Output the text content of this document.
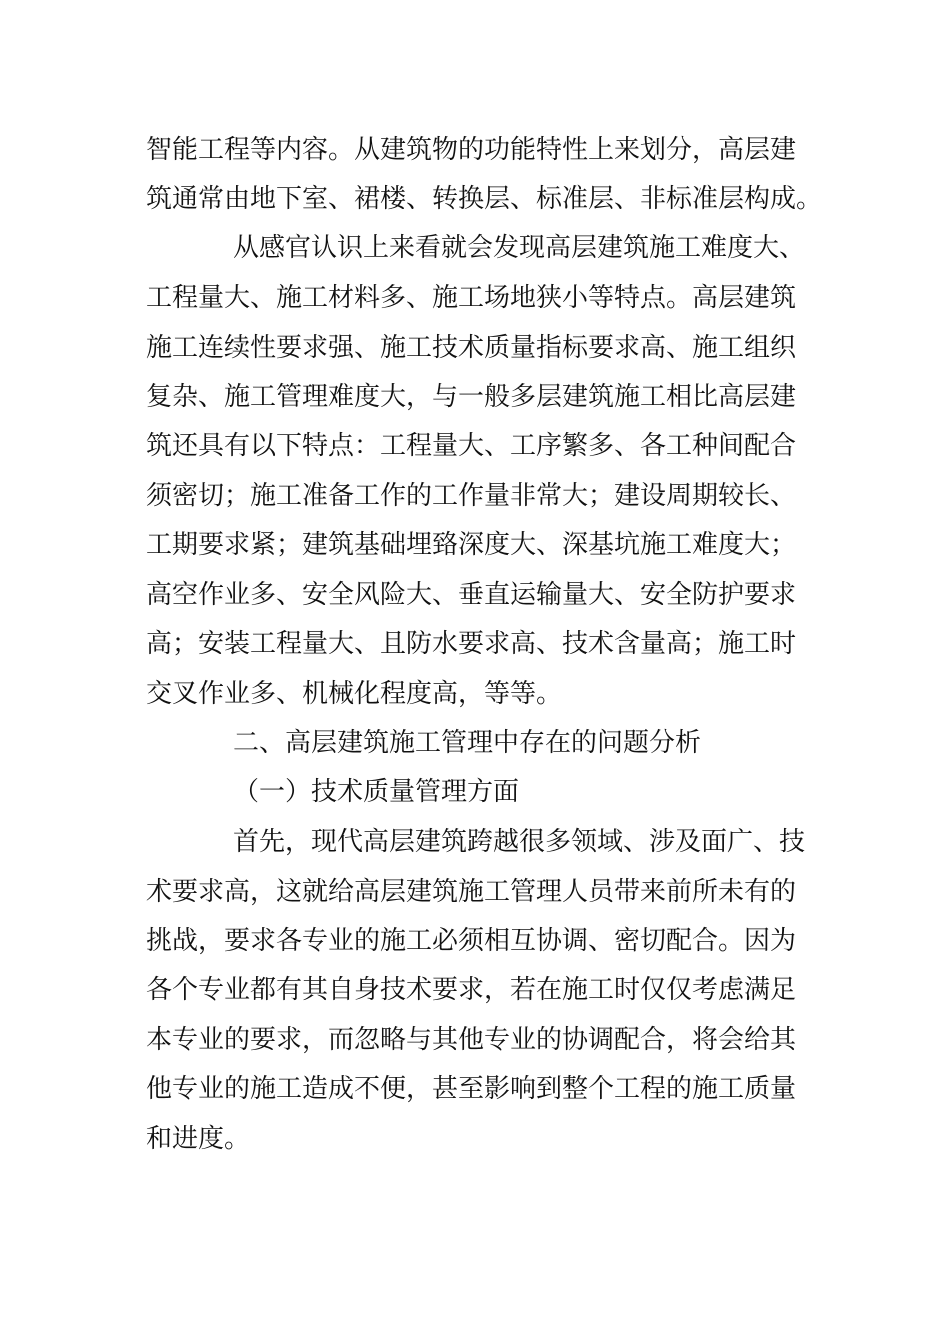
智能工程等内容。从建筑物的功能特性上来划分，高层建
筑通常由地下室、裙楼、转换层、标准层、非标准层构成。
从感官认识上来看就会发现高层建筑施工难度大、
工程量大、施工材料多、施工场地狭小等特点。高层建筑
施工连续性要求强、施工技术质量指标要求高、施工组织
复杂、施工管理难度大，与一般多层建筑施工相比高层建
筑还具有以下特点：工程量大、工序繁多、各工种间配合
须密切；施工准备工作的工作量非常大；建设周期较长、
工期要求紧；建筑基础埋臵深度大、深基坑施工难度大；
高空作业多、安全风险大、垂直运输量大、安全防护要求
高；安装工程量大、且防水要求高、技术含量高；施工时
交叉作业多、机械化程度高，等等。
二、高层建筑施工管理中存在的问题分析
（一）技术质量管理方面
首先，现代高层建筑跨越很多领域、涉及面广、技
术要求高，这就给高层建筑施工管理人员带来前所未有的
挑战，要求各专业的施工必须相互协调、密切配合。因为
各个专业都有其自身技术要求，若在施工时仅仅考虑满足
本专业的要求，而忽略与其他专业的协调配合，将会给其
他专业的施工造成不便，甚至影响到整个工程的施工质量
和进度。
